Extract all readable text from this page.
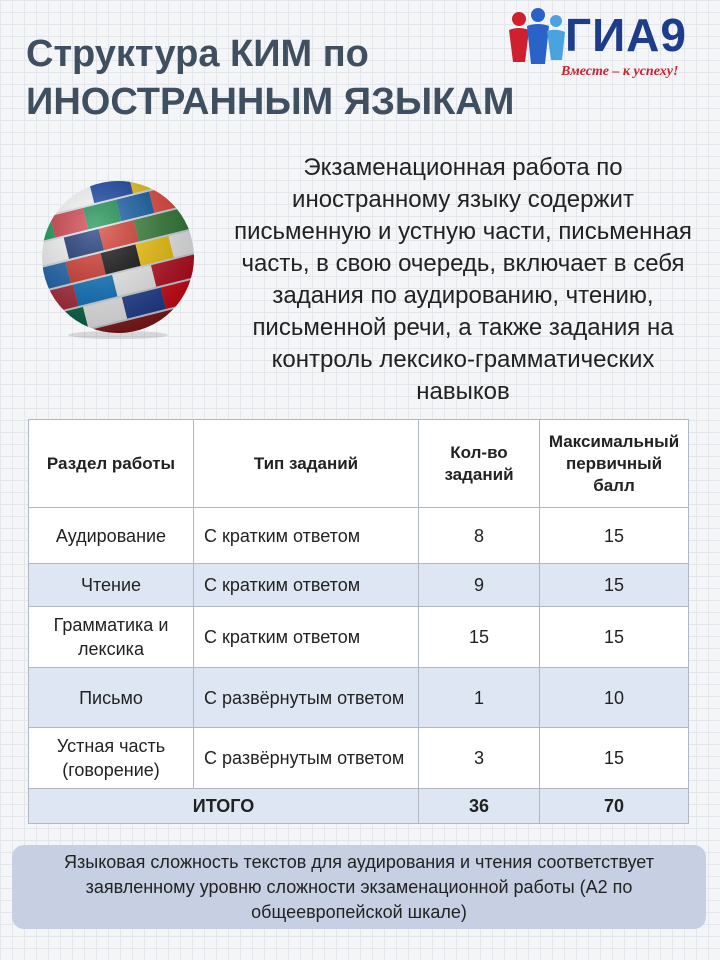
Структура КИМ по
ИНОСТРАННЫМ ЯЗЫКАМ
ГИА9
Вместе – к успеху!

Экзаменационная работа по иностранному языку содержит письменную и устную части, письменная часть, в свою очередь, включает в себя задания по аудированию, чтению, письменной речи, а также задания на контроль лексико-грамматических навыков

Раздел работы	Тип заданий	Кол-во заданий	Максимальный первичный балл
Аудирование	С кратким ответом	8	15
Чтение	С кратким ответом	9	15
Грамматика и лексика	С кратким ответом	15	15
Письмо	С развёрнутым ответом	1	10
Устная часть (говорение)	С развёрнутым ответом	3	15
ИТОГО		36	70
Языковая сложность текстов для аудирования и чтения соответствует заявленному уровню сложности экзаменационной работы (А2 по общеевропейской шкале)
